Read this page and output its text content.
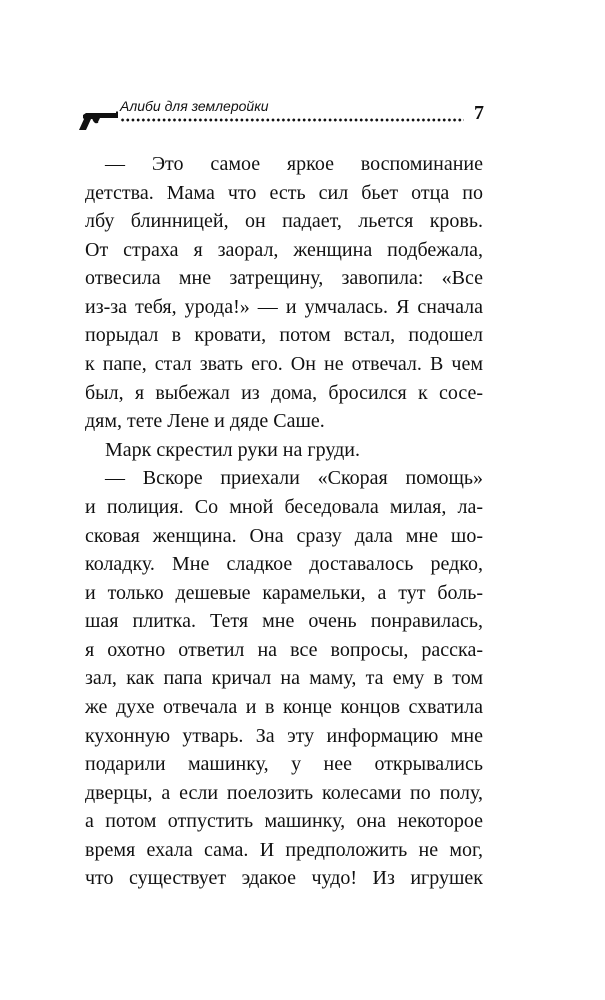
Алиби для землеройки	7
— Это самое яркое воспоминание
детства. Мама что есть сил бьет отца по
лбу блинницей, он падает, льется кровь.
От страха я заорал, женщина подбежала,
отвесила мне затрещину, завопила: «Все
из-за тебя, урода!» — и умчалась. Я сначала
порыдал в кровати, потом встал, подошел
к папе, стал звать его. Он не отвечал. В чем
был, я выбежал из дома, бросился к сосе-
дям, тете Лене и дяде Саше.
Марк скрестил руки на груди.
— Вскоре приехали «Скорая помощь»
и полиция. Со мной беседовала милая, ла-
сковая женщина. Она сразу дала мне шо-
коладку. Мне сладкое доставалось редко,
и только дешевые карамельки, а тут боль-
шая плитка. Тетя мне очень понравилась,
я охотно ответил на все вопросы, расска-
зал, как папа кричал на маму, та ему в том
же духе отвечала и в конце концов схватила
кухонную утварь. За эту информацию мне
подарили машинку, у нее открывались
дверцы, а если поелозить колесами по полу,
а потом отпустить машинку, она некоторое
время ехала сама. И предположить не мог,
что существует эдакое чудо! Из игрушек
